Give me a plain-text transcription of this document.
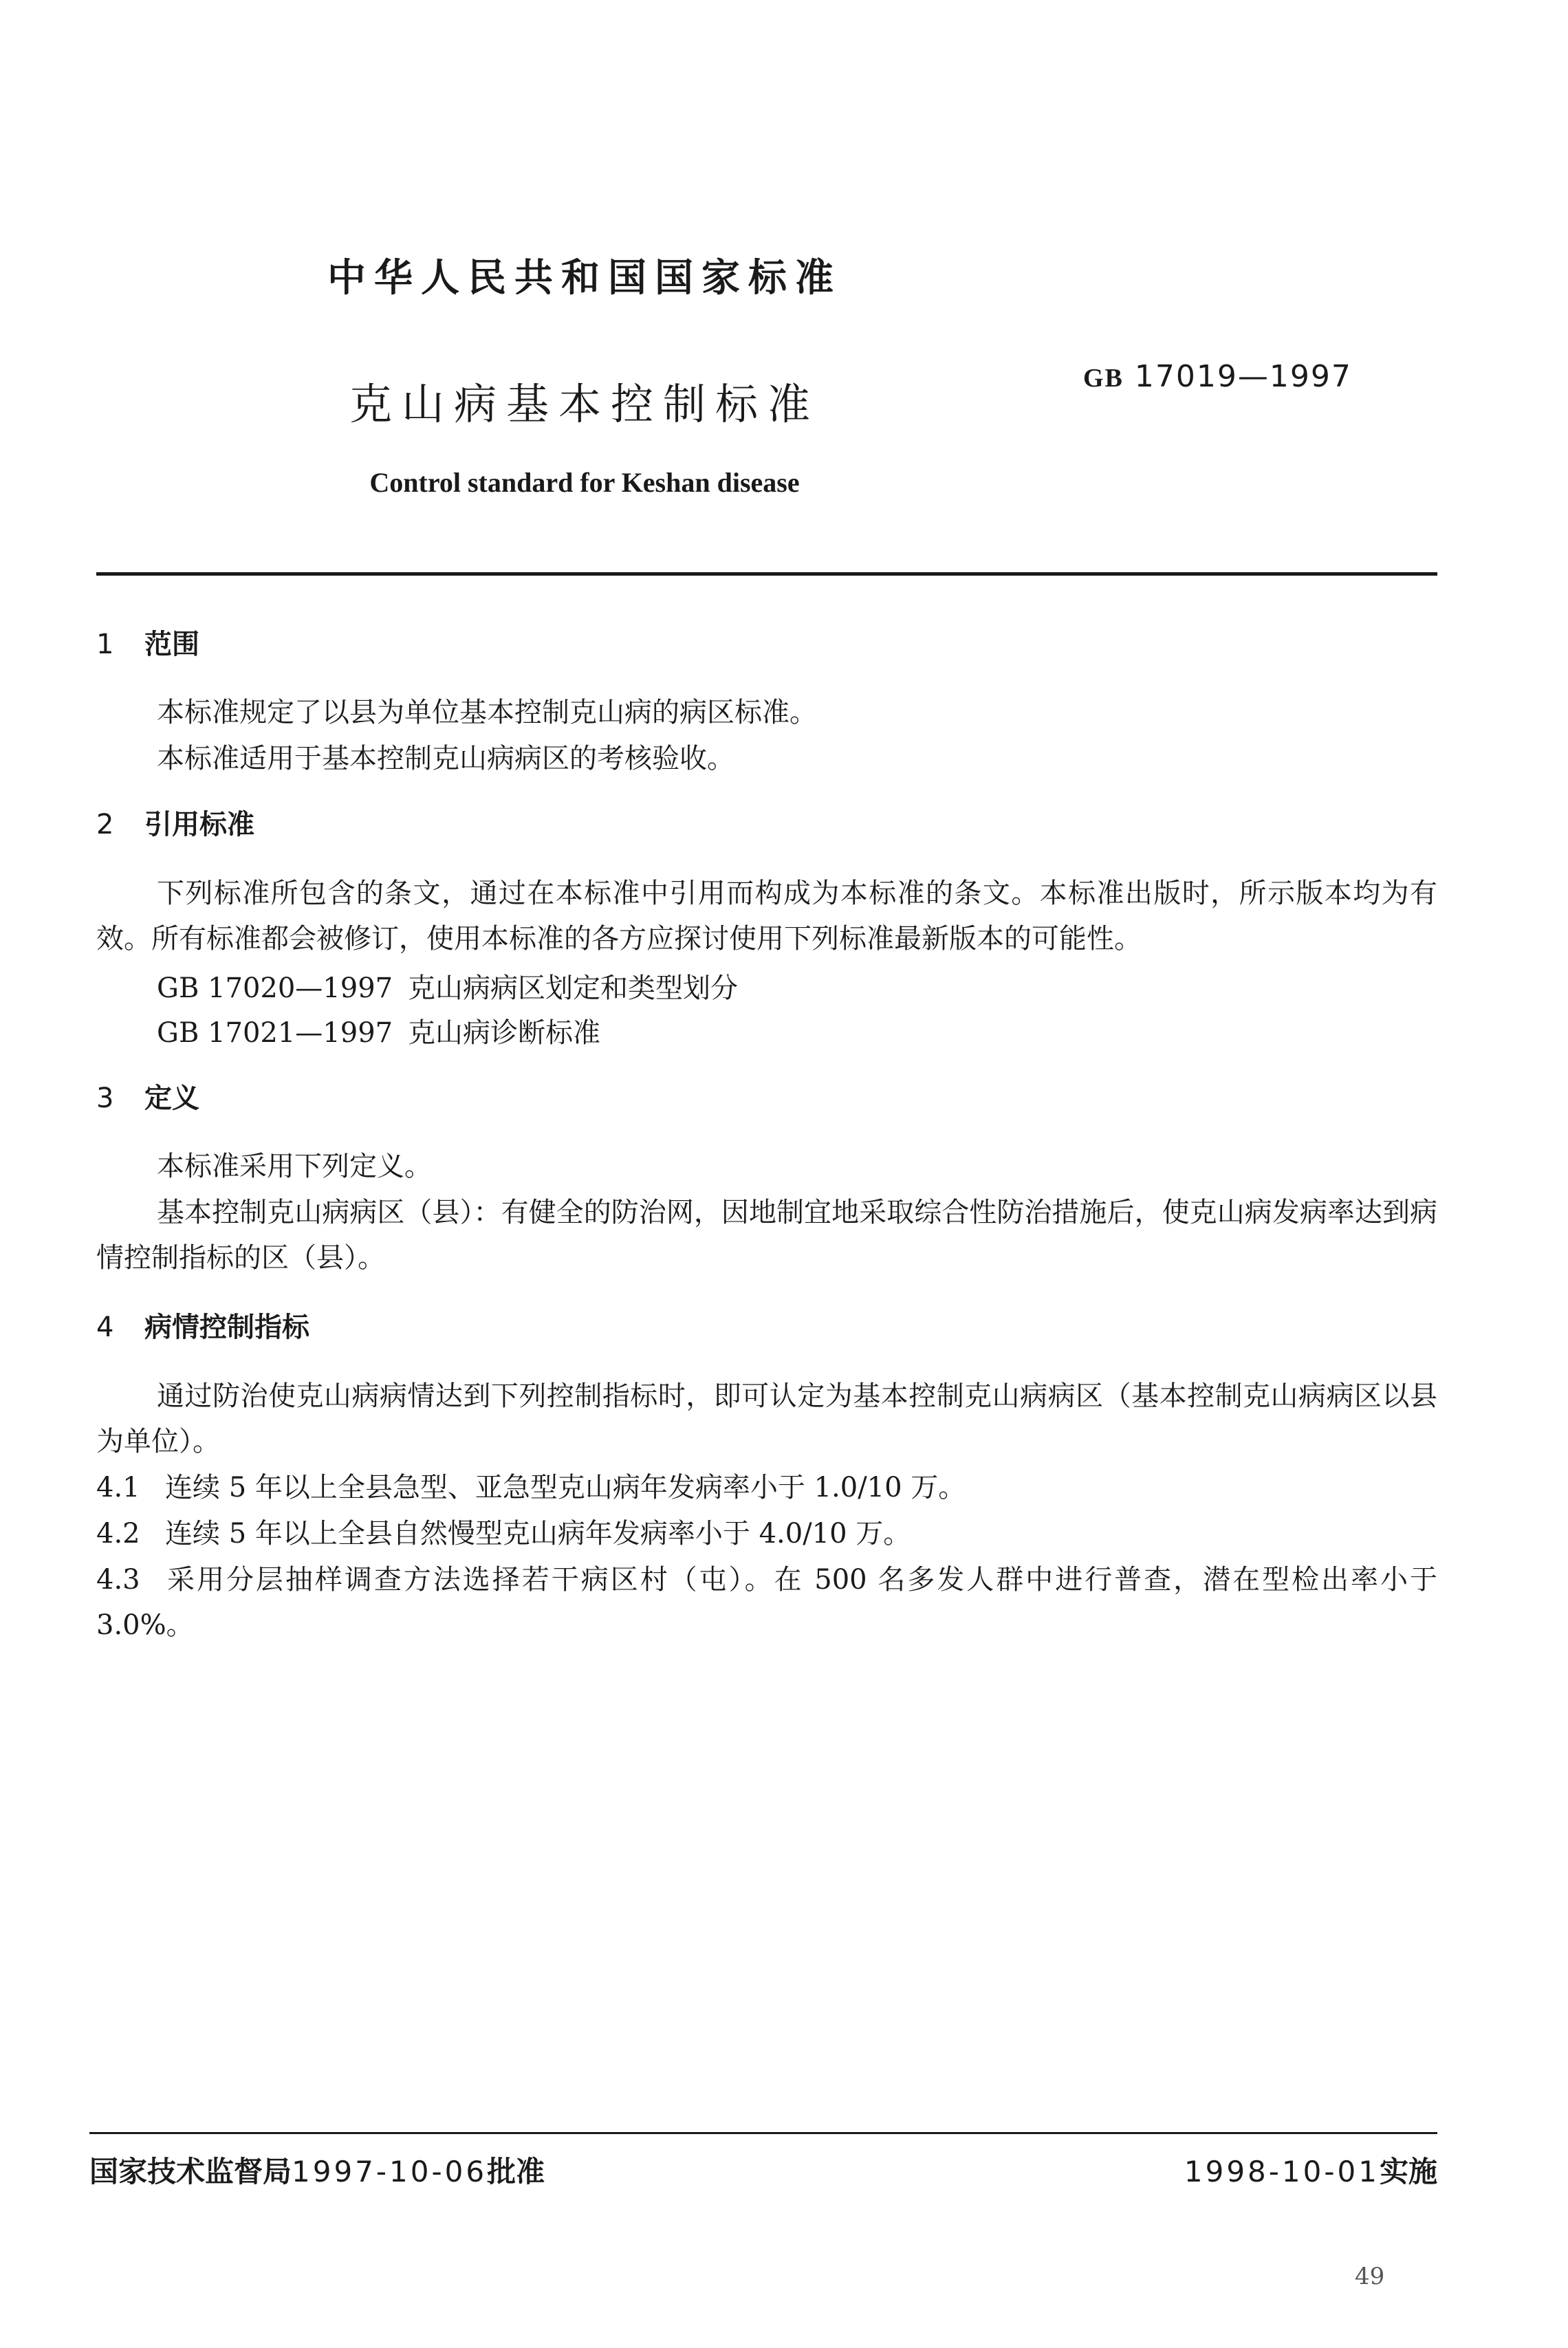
中华人民共和国国家标准
克山病基本控制标准
GB 17019—1997
Control standard for Keshan disease
1 范围
本标准规定了以县为单位基本控制克山病的病区标准。
本标准适用于基本控制克山病病区的考核验收。
2 引用标准
下列标准所包含的条文，通过在本标准中引用而构成为本标准的条文。本标准出版时，所示版本均为有效。所有标准都会被修订，使用本标准的各方应探讨使用下列标准最新版本的可能性。
GB 17020—1997 克山病病区划定和类型划分
GB 17021—1997 克山病诊断标准
3 定义
本标准采用下列定义。
基本控制克山病病区（县）：有健全的防治网，因地制宜地采取综合性防治措施后，使克山病发病率达到病情控制指标的区（县）。
4 病情控制指标
通过防治使克山病病情达到下列控制指标时，即可认定为基本控制克山病病区（基本控制克山病病区以县为单位）。
4.1 连续 5 年以上全县急型、亚急型克山病年发病率小于 1.0/10 万。
4.2 连续 5 年以上全县自然慢型克山病年发病率小于 4.0/10 万。
4.3 采用分层抽样调查方法选择若干病区村（屯）。在 500 名多发人群中进行普查，潜在型检出率小于 3.0%。
国家技术监督局1997-10-06批准	1998-10-01实施
49
